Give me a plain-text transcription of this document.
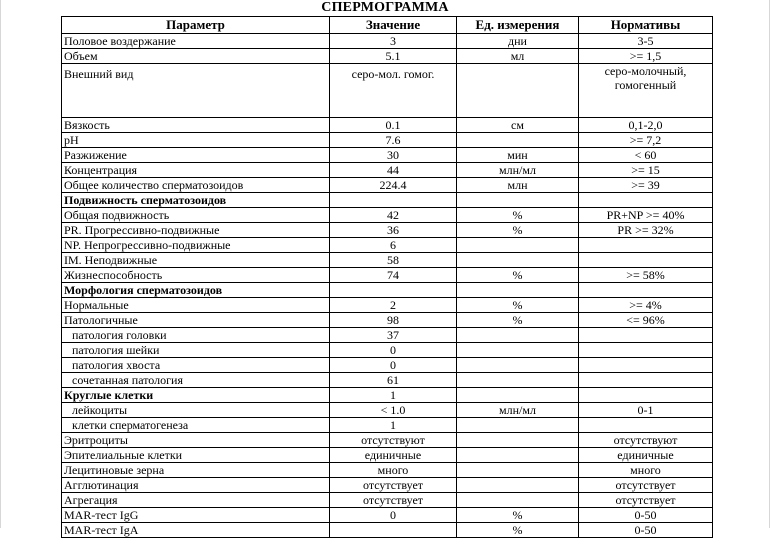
СПЕРМОГРАММА
Параметр	Значение	Ед. измерения	Нормативы
Половое воздержание	3	дни	3-5
Объем	5.1	мл	>= 1,5
Внешний вид	серо-мол. гомог.		серо-молочный, гомогенный
Вязкость	0.1	см	0,1-2,0
pH	7.6		>= 7,2
Разжижение	30	мин	< 60
Концентрация	44	млн/мл	>= 15
Общее количество сперматозоидов	224.4	млн	>= 39
Подвижность сперматозоидов			
Общая подвижность	42	%	PR+NP >= 40%
PR. Прогрессивно-подвижные	36	%	PR >= 32%
NP. Непрогрессивно-подвижные	6		
IM. Неподвижные	58		
Жизнеспособность	74	%	>= 58%
Морфология сперматозоидов			
Нормальные	2	%	>= 4%
Патологичные	98	%	<= 96%
патология головки	37		
патология шейки	0		
патология хвоста	0		
сочетанная патология	61		
Круглые клетки	1		
лейкоциты	< 1.0	млн/мл	0-1
клетки сперматогенеза	1		
Эритроциты	отсутствуют		отсутствуют
Эпителиальные клетки	единичные		единичные
Лецитиновые зерна	много		много
Агглютинация	отсутствует		отсутствует
Агрегация	отсутствует		отсутствует
MAR-тест IgG	0	%	0-50
MAR-тест IgA		%	0-50
